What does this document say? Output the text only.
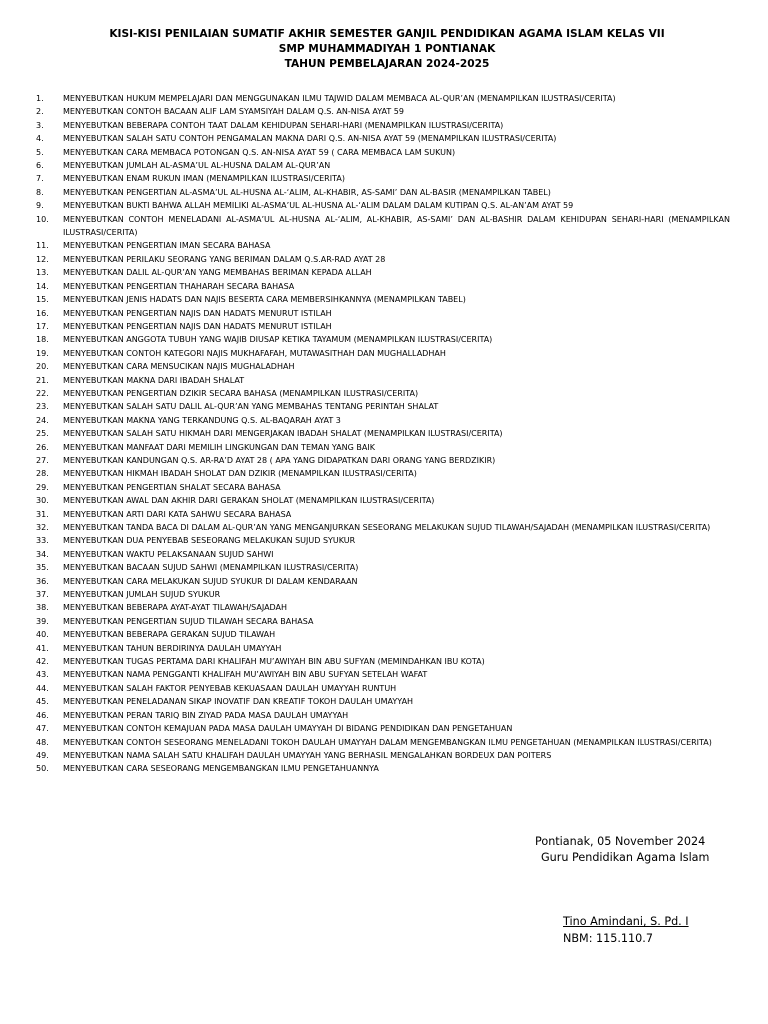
KISI-KISI PENILAIAN SUMATIF AKHIR SEMESTER GANJIL PENDIDIKAN AGAMA ISLAM KELAS VII
SMP MUHAMMADIYAH 1 PONTIANAK
TAHUN PEMBELAJARAN 2024-2025
1.	MENYEBUTKAN HUKUM MEMPELAJARI DAN MENGGUNAKAN ILMU TAJWID DALAM MEMBACA AL-QUR’AN (MENAMPILKAN ILUSTRASI/CERITA)
2.	MENYEBUTKAN CONTOH BACAAN ALIF LAM SYAMSIYAH DALAM Q.S. AN-NISA AYAT 59
3.	MENYEBUTKAN BEBERAPA CONTOH TAAT DALAM KEHIDUPAN SEHARI-HARI (MENAMPILKAN ILUSTRASI/CERITA)
4.	MENYEBUTKAN SALAH SATU CONTOH PENGAMALAN MAKNA DARI Q.S. AN-NISA AYAT 59 (MENAMPILKAN ILUSTRASI/CERITA)
5.	MENYEBUTKAN CARA MEMBACA POTONGAN Q.S. AN-NISA AYAT 59 ( CARA MEMBACA LAM SUKUN)
6.	MENYEBUTKAN JUMLAH AL-ASMA’UL AL-HUSNA DALAM AL-QUR’AN
7.	MENYEBUTKAN ENAM RUKUN IMAN (MENAMPILKAN ILUSTRASI/CERITA)
8.	MENYEBUTKAN PENGERTIAN AL-ASMA’UL AL-HUSNA AL-‘ALIM, AL-KHABIR, AS-SAMI’ DAN AL-BASIR (MENAMPILKAN TABEL)
9.	MENYEBUTKAN BUKTI BAHWA ALLAH MEMILIKI AL-ASMA’UL AL-HUSNA AL-‘ALIM DALAM DALAM KUTIPAN Q.S. AL-AN’AM AYAT 59
10.	MENYEBUTKAN CONTOH MENELADANI AL-ASMA’UL AL-HUSNA AL-‘ALIM, AL-KHABIR, AS-SAMI’ DAN AL-BASHIR DALAM KEHIDUPAN SEHARI-HARI (MENAMPILKAN ILUSTRASI/CERITA)
11.	MENYEBUTKAN PENGERTIAN IMAN SECARA BAHASA
12.	MENYEBUTKAN PERILAKU SEORANG YANG BERIMAN DALAM Q.S.AR-RAD AYAT 28
13.	MENYEBUTKAN DALIL AL-QUR’AN YANG MEMBAHAS BERIMAN KEPADA ALLAH
14.	MENYEBUTKAN PENGERTIAN THAHARAH SECARA BAHASA
15.	MENYEBUTKAN JENIS HADATS DAN NAJIS BESERTA CARA MEMBERSIHKANNYA (MENAMPILKAN TABEL)
16.	MENYEBUTKAN PENGERTIAN NAJIS DAN HADATS MENURUT ISTILAH
17.	MENYEBUTKAN PENGERTIAN NAJIS DAN HADATS MENURUT ISTILAH
18.	MENYEBUTKAN ANGGOTA TUBUH YANG WAJIB DIUSAP KETIKA TAYAMUM (MENAMPILKAN ILUSTRASI/CERITA)
19.	MENYEBUTKAN CONTOH KATEGORI NAJIS MUKHAFAFAH, MUTAWASITHAH DAN MUGHALLADHAH
20.	MENYEBUTKAN CARA MENSUCIKAN NAJIS MUGHALADHAH
21.	MENYEBUTKAN MAKNA DARI IBADAH SHALAT
22.	MENYEBUTKAN PENGERTIAN DZIKIR SECARA BAHASA (MENAMPILKAN ILUSTRASI/CERITA)
23.	MENYEBUTKAN SALAH SATU DALIL AL-QUR’AN YANG MEMBAHAS TENTANG PERINTAH SHALAT
24.	MENYEBUTKAN MAKNA YANG TERKANDUNG Q.S. AL-BAQARAH AYAT 3
25.	MENYEBUTKAN SALAH SATU HIKMAH DARI MENGERJAKAN IBADAH SHALAT (MENAMPILKAN ILUSTRASI/CERITA)
26.	MENYEBUTKAN MANFAAT DARI MEMILIH LINGKUNGAN DAN TEMAN YANG BAIK
27.	MENYEBUTKAN KANDUNGAN Q.S. AR-RA’D AYAT 28 ( APA YANG DIDAPATKAN DARI ORANG YANG BERDZIKIR)
28.	MENYEBUTKAN HIKMAH IBADAH SHOLAT DAN DZIKIR (MENAMPILKAN ILUSTRASI/CERITA)
29.	MENYEBUTKAN PENGERTIAN SHALAT SECARA BAHASA
30.	MENYEBUTKAN AWAL DAN AKHIR DARI GERAKAN SHOLAT (MENAMPILKAN ILUSTRASI/CERITA)
31.	MENYEBUTKAN ARTI DARI KATA SAHWU SECARA BAHASA
32.	MENYEBUTKAN TANDA BACA DI DALAM AL-QUR’AN YANG MENGANJURKAN SESEORANG MELAKUKAN SUJUD TILAWAH/SAJADAH (MENAMPILKAN ILUSTRASI/CERITA)
33.	MENYEBUTKAN DUA PENYEBAB SESEORANG MELAKUKAN SUJUD SYUKUR
34.	MENYEBUTKAN WAKTU PELAKSANAAN SUJUD SAHWI
35.	MENYEBUTKAN BACAAN SUJUD SAHWI (MENAMPILKAN ILUSTRASI/CERITA)
36.	MENYEBUTKAN CARA MELAKUKAN SUJUD SYUKUR DI DALAM KENDARAAN
37.	MENYEBUTKAN JUMLAH SUJUD SYUKUR
38.	MENYEBUTKAN BEBERAPA AYAT-AYAT TILAWAH/SAJADAH
39.	MENYEBUTKAN PENGERTIAN SUJUD TILAWAH SECARA BAHASA
40.	MENYEBUTKAN BEBERAPA GERAKAN SUJUD TILAWAH
41.	MENYEBUTKAN TAHUN BERDIRINYA DAULAH UMAYYAH
42.	MENYEBUTKAN TUGAS PERTAMA DARI KHALIFAH MU’AWIYAH BIN ABU SUFYAN (MEMINDAHKAN IBU KOTA)
43.	MENYEBUTKAN NAMA PENGGANTI KHALIFAH MU’AWIYAH BIN ABU SUFYAN SETELAH WAFAT
44.	MENYEBUTKAN SALAH FAKTOR PENYEBAB KEKUASAAN DAULAH UMAYYAH RUNTUH
45.	MENYEBUTKAN PENELADANAN SIKAP INOVATIF DAN KREATIF TOKOH DAULAH UMAYYAH
46.	MENYEBUTKAN PERAN TARIQ BIN ZIYAD PADA MASA DAULAH UMAYYAH
47.	MENYEBUTKAN CONTOH KEMAJUAN PADA MASA DAULAH UMAYYAH DI BIDANG PENDIDIKAN DAN PENGETAHUAN
48.	MENYEBUTKAN CONTOH SESEORANG MENELADANI TOKOH DAULAH UMAYYAH DALAM MENGEMBANGKAN ILMU PENGETAHUAN (MENAMPILKAN ILUSTRASI/CERITA)
49.	MENYEBUTKAN NAMA SALAH SATU KHALIFAH DAULAH UMAYYAH YANG BERHASIL MENGALAHKAN BORDEUX DAN POITERS
50.	MENYEBUTKAN CARA SESEORANG MENGEMBANGKAN ILMU PENGETAHUANNYA
Pontianak, 05 November 2024
Guru Pendidikan Agama Islam
Tino Amindani, S. Pd. I
NBM: 115.110.7
